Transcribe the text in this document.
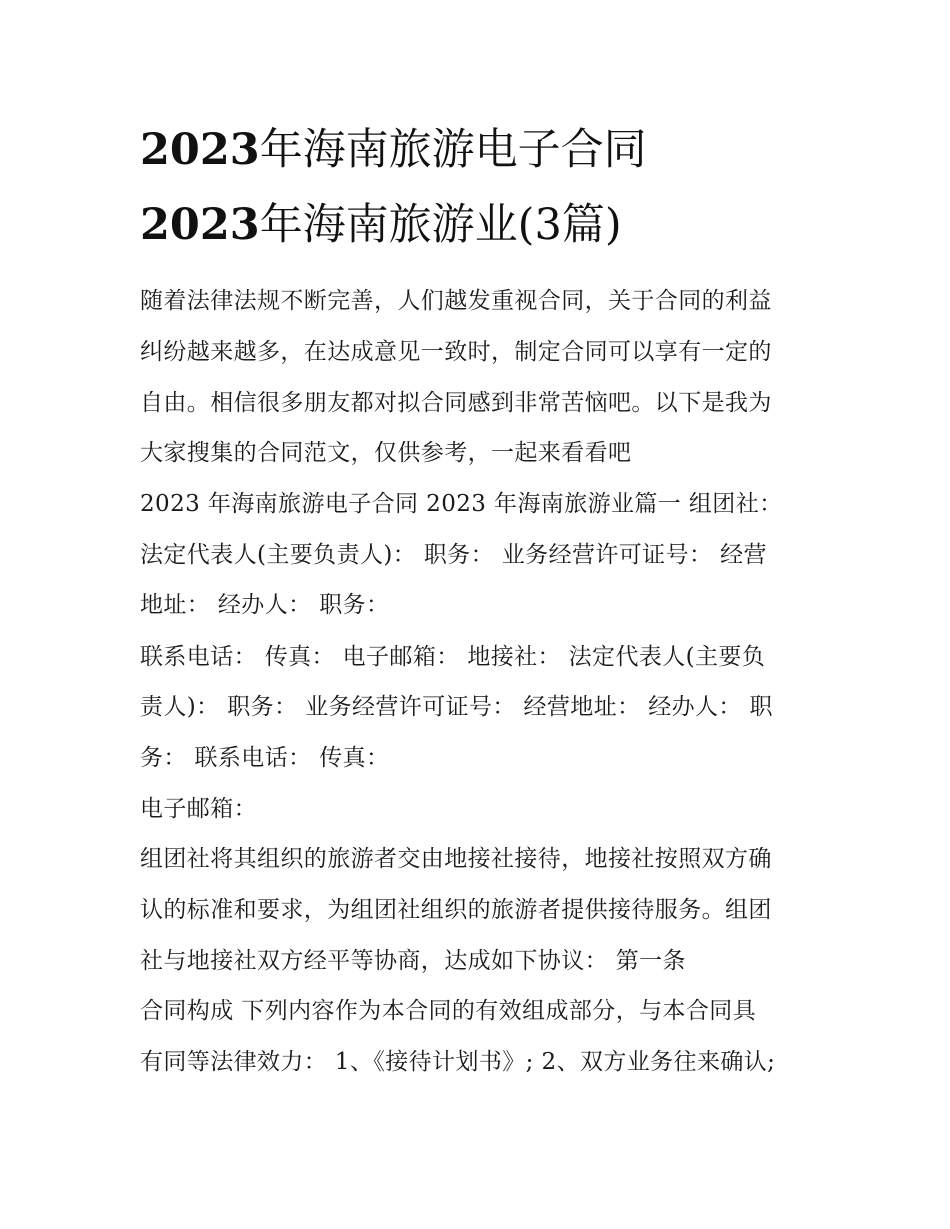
2023年海南旅游电子合同
2023年海南旅游业(3篇)

随着法律法规不断完善，人们越发重视合同，关于合同的利益

纠纷越来越多，在达成意见一致时，制定合同可以享有一定的

自由。相信很多朋友都对拟合同感到非常苦恼吧。以下是我为

大家搜集的合同范文，仅供参考，一起来看看吧

2023 年海南旅游电子合同 2023 年海南旅游业篇一 组团社：

法定代表人(主要负责人)： 职务： 业务经营许可证号： 经营

地址： 经办人： 职务：

联系电话： 传真： 电子邮箱： 地接社： 法定代表人(主要负

责人)： 职务： 业务经营许可证号： 经营地址： 经办人： 职

务： 联系电话： 传真：

电子邮箱：

组团社将其组织的旅游者交由地接社接待，地接社按照双方确

认的标准和要求，为组团社组织的旅游者提供接待服务。组团

社与地接社双方经平等协商，达成如下协议： 第一条

合同构成 下列内容作为本合同的有效组成部分，与本合同具

有同等法律效力： 1、《接待计划书》; 2、双方业务往来确认;
